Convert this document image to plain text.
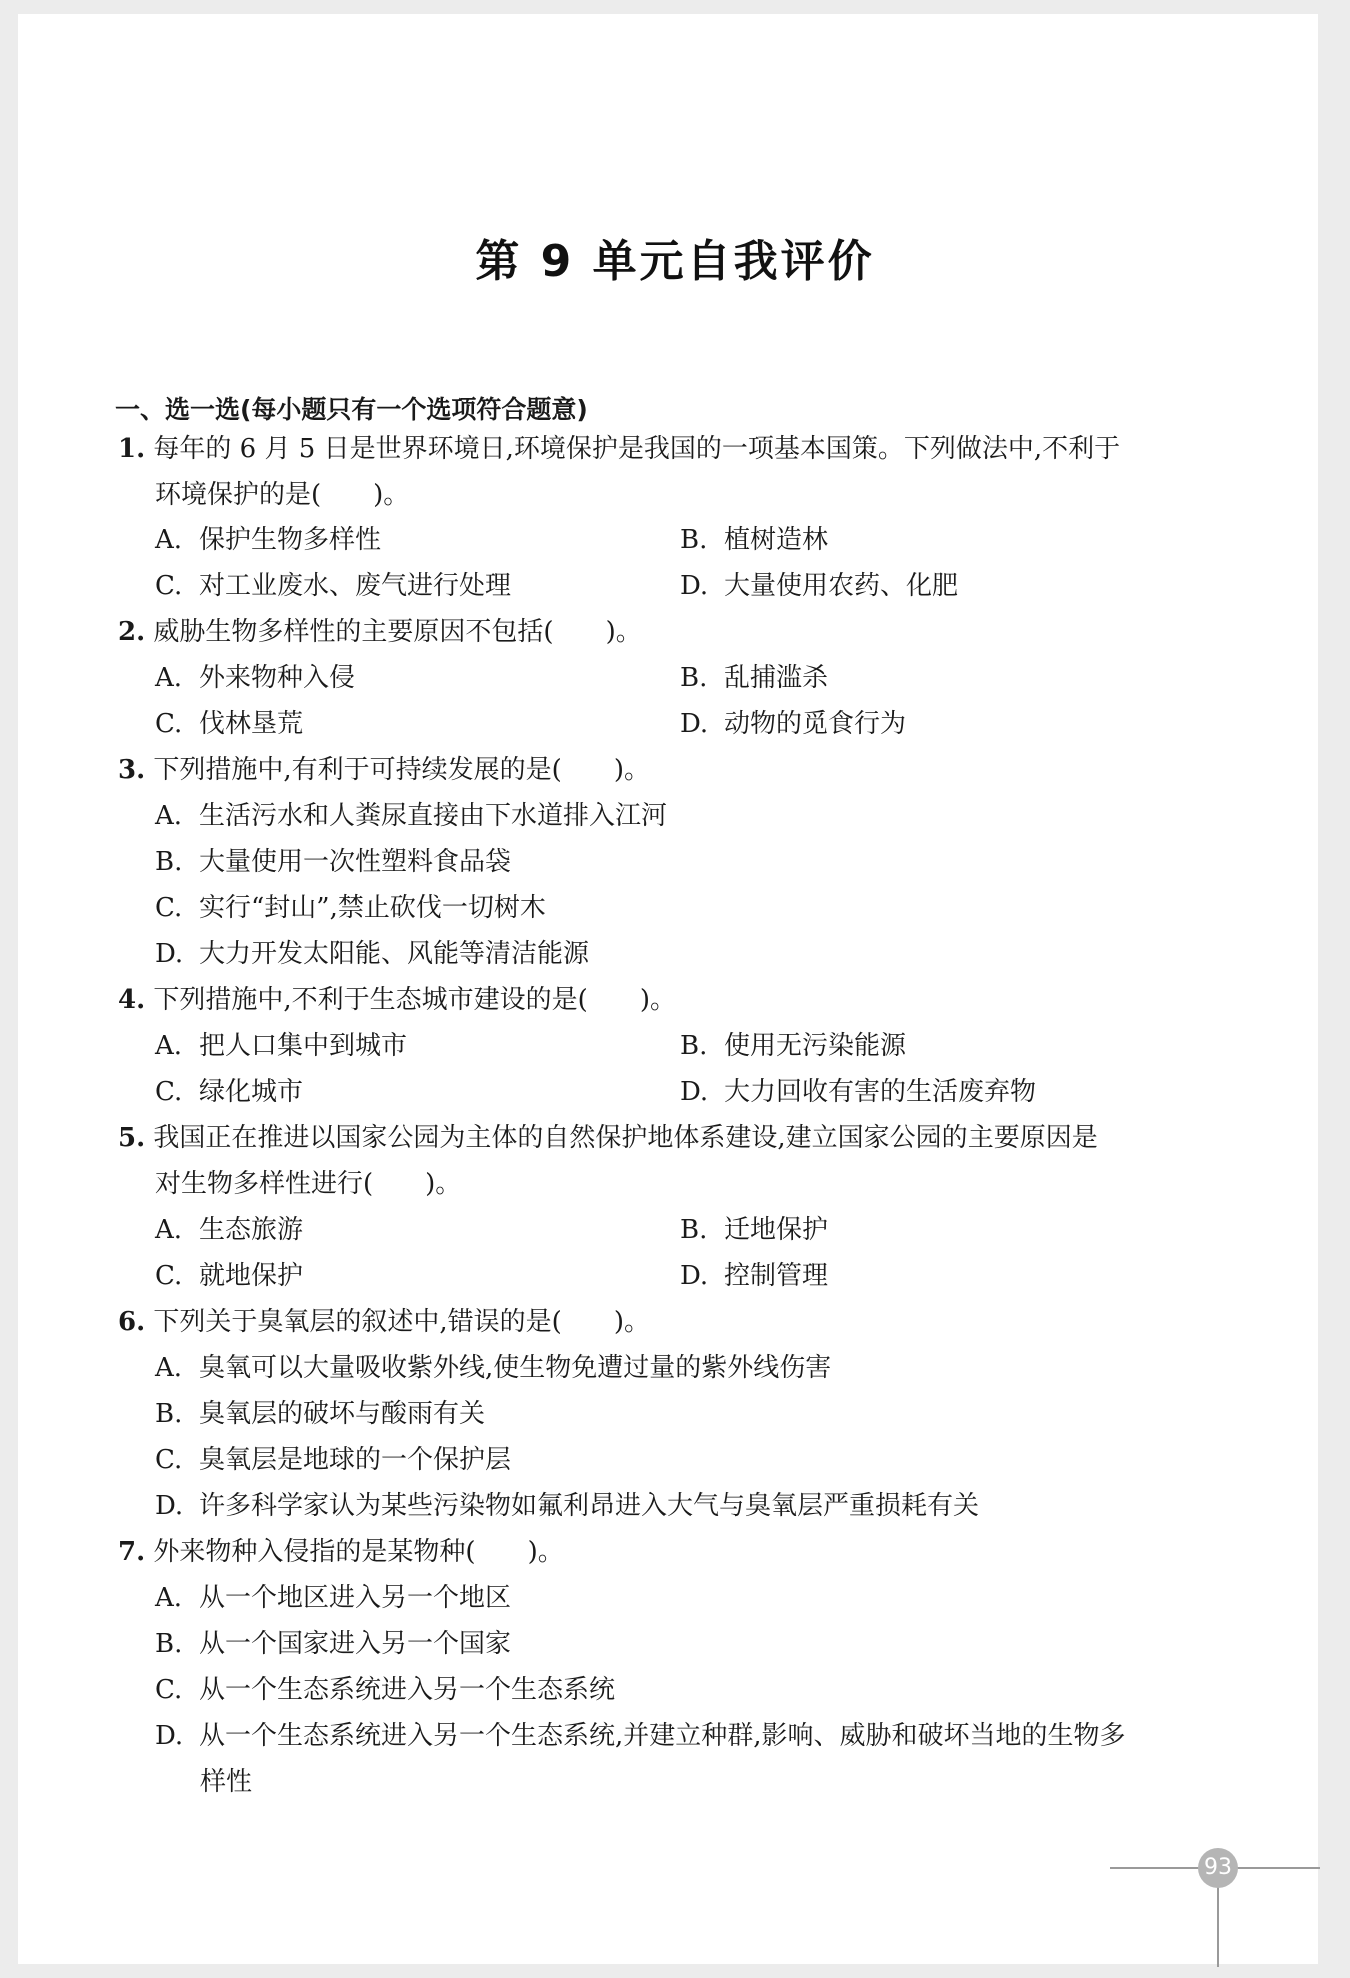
第 9 单元自我评价
一、选一选(每小题只有一个选项符合题意)
1. 每年的 6 月 5 日是世界环境日,环境保护是我国的一项基本国策。下列做法中,不利于
环境保护的是(　　)。
A. 保护生物多样性	B. 植树造林
C. 对工业废水、废气进行处理	D. 大量使用农药、化肥
2. 威胁生物多样性的主要原因不包括(　　)。
A. 外来物种入侵	B. 乱捕滥杀
C. 伐林垦荒	D. 动物的觅食行为
3. 下列措施中,有利于可持续发展的是(　　)。
A. 生活污水和人粪尿直接由下水道排入江河
B. 大量使用一次性塑料食品袋
C. 实行“封山”,禁止砍伐一切树木
D. 大力开发太阳能、风能等清洁能源
4. 下列措施中,不利于生态城市建设的是(　　)。
A. 把人口集中到城市	B. 使用无污染能源
C. 绿化城市	D. 大力回收有害的生活废弃物
5. 我国正在推进以国家公园为主体的自然保护地体系建设,建立国家公园的主要原因是
对生物多样性进行(　　)。
A. 生态旅游	B. 迁地保护
C. 就地保护	D. 控制管理
6. 下列关于臭氧层的叙述中,错误的是(　　)。
A. 臭氧可以大量吸收紫外线,使生物免遭过量的紫外线伤害
B. 臭氧层的破坏与酸雨有关
C. 臭氧层是地球的一个保护层
D. 许多科学家认为某些污染物如氟利昂进入大气与臭氧层严重损耗有关
7. 外来物种入侵指的是某物种(　　)。
A. 从一个地区进入另一个地区
B. 从一个国家进入另一个国家
C. 从一个生态系统进入另一个生态系统
D. 从一个生态系统进入另一个生态系统,并建立种群,影响、威胁和破坏当地的生物多
样性
93
